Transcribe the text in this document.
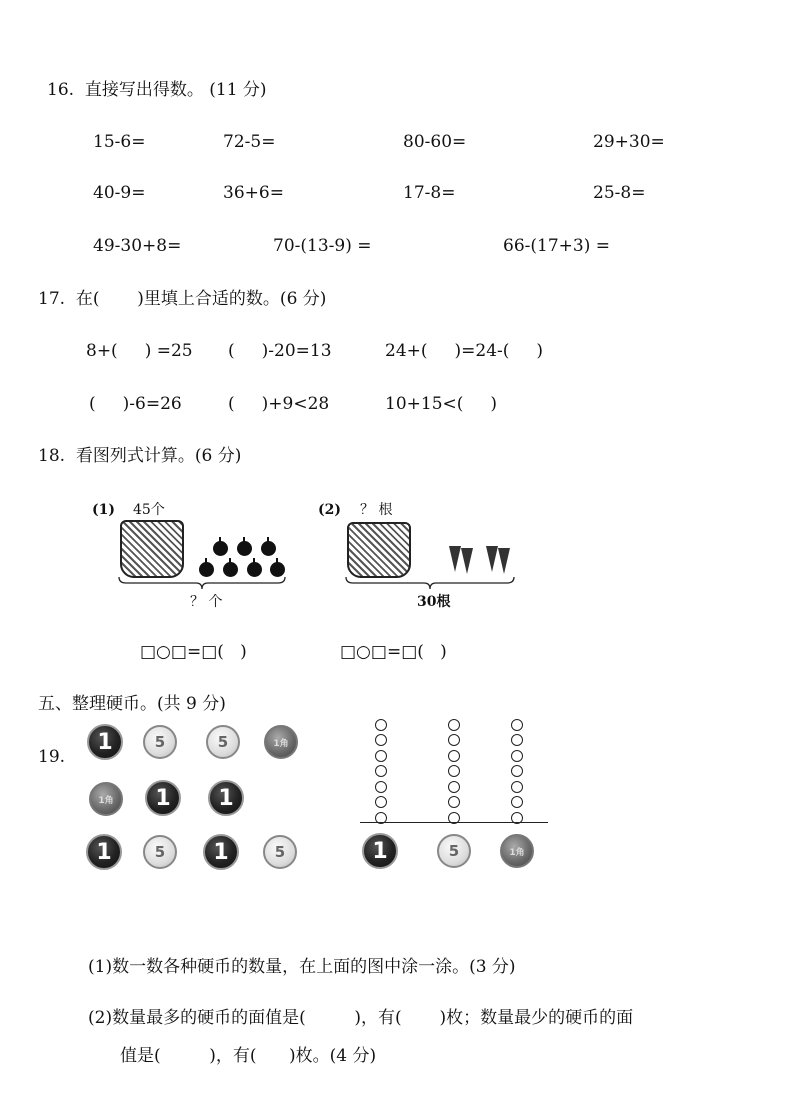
16.  直接写出得数。 (11 分)
15-6=	72-5=	80-60=	29+30=
40-9=	36+6=	17-8=	25-8=
49-30+8=	70-(13-9) =	66-(17+3) =
17.  在(       )里填上合适的数。(6 分)
8+(     ) =25 (     )-20=13	24+(     )=24-(     )
(     )-6=26	(     )+9<28	10+15<(     )
18.  看图列式计算。(6 分)
(1) 45个
？ 个
(2) ？ 根
30根
□○□=□(   )	□○□=□(   )
五、整理硬币。(共 9 分)
19.
1	5	5	1角
1角	1	1
1	5	1	5	1	5	1角
(1)数一数各种硬币的数量，在上面的图中涂一涂。(3 分)
(2)数量最多的硬币的面值是(         )，有(       )枚；数量最少的硬币的面
值是(         )，有(      )枚。(4 分)
